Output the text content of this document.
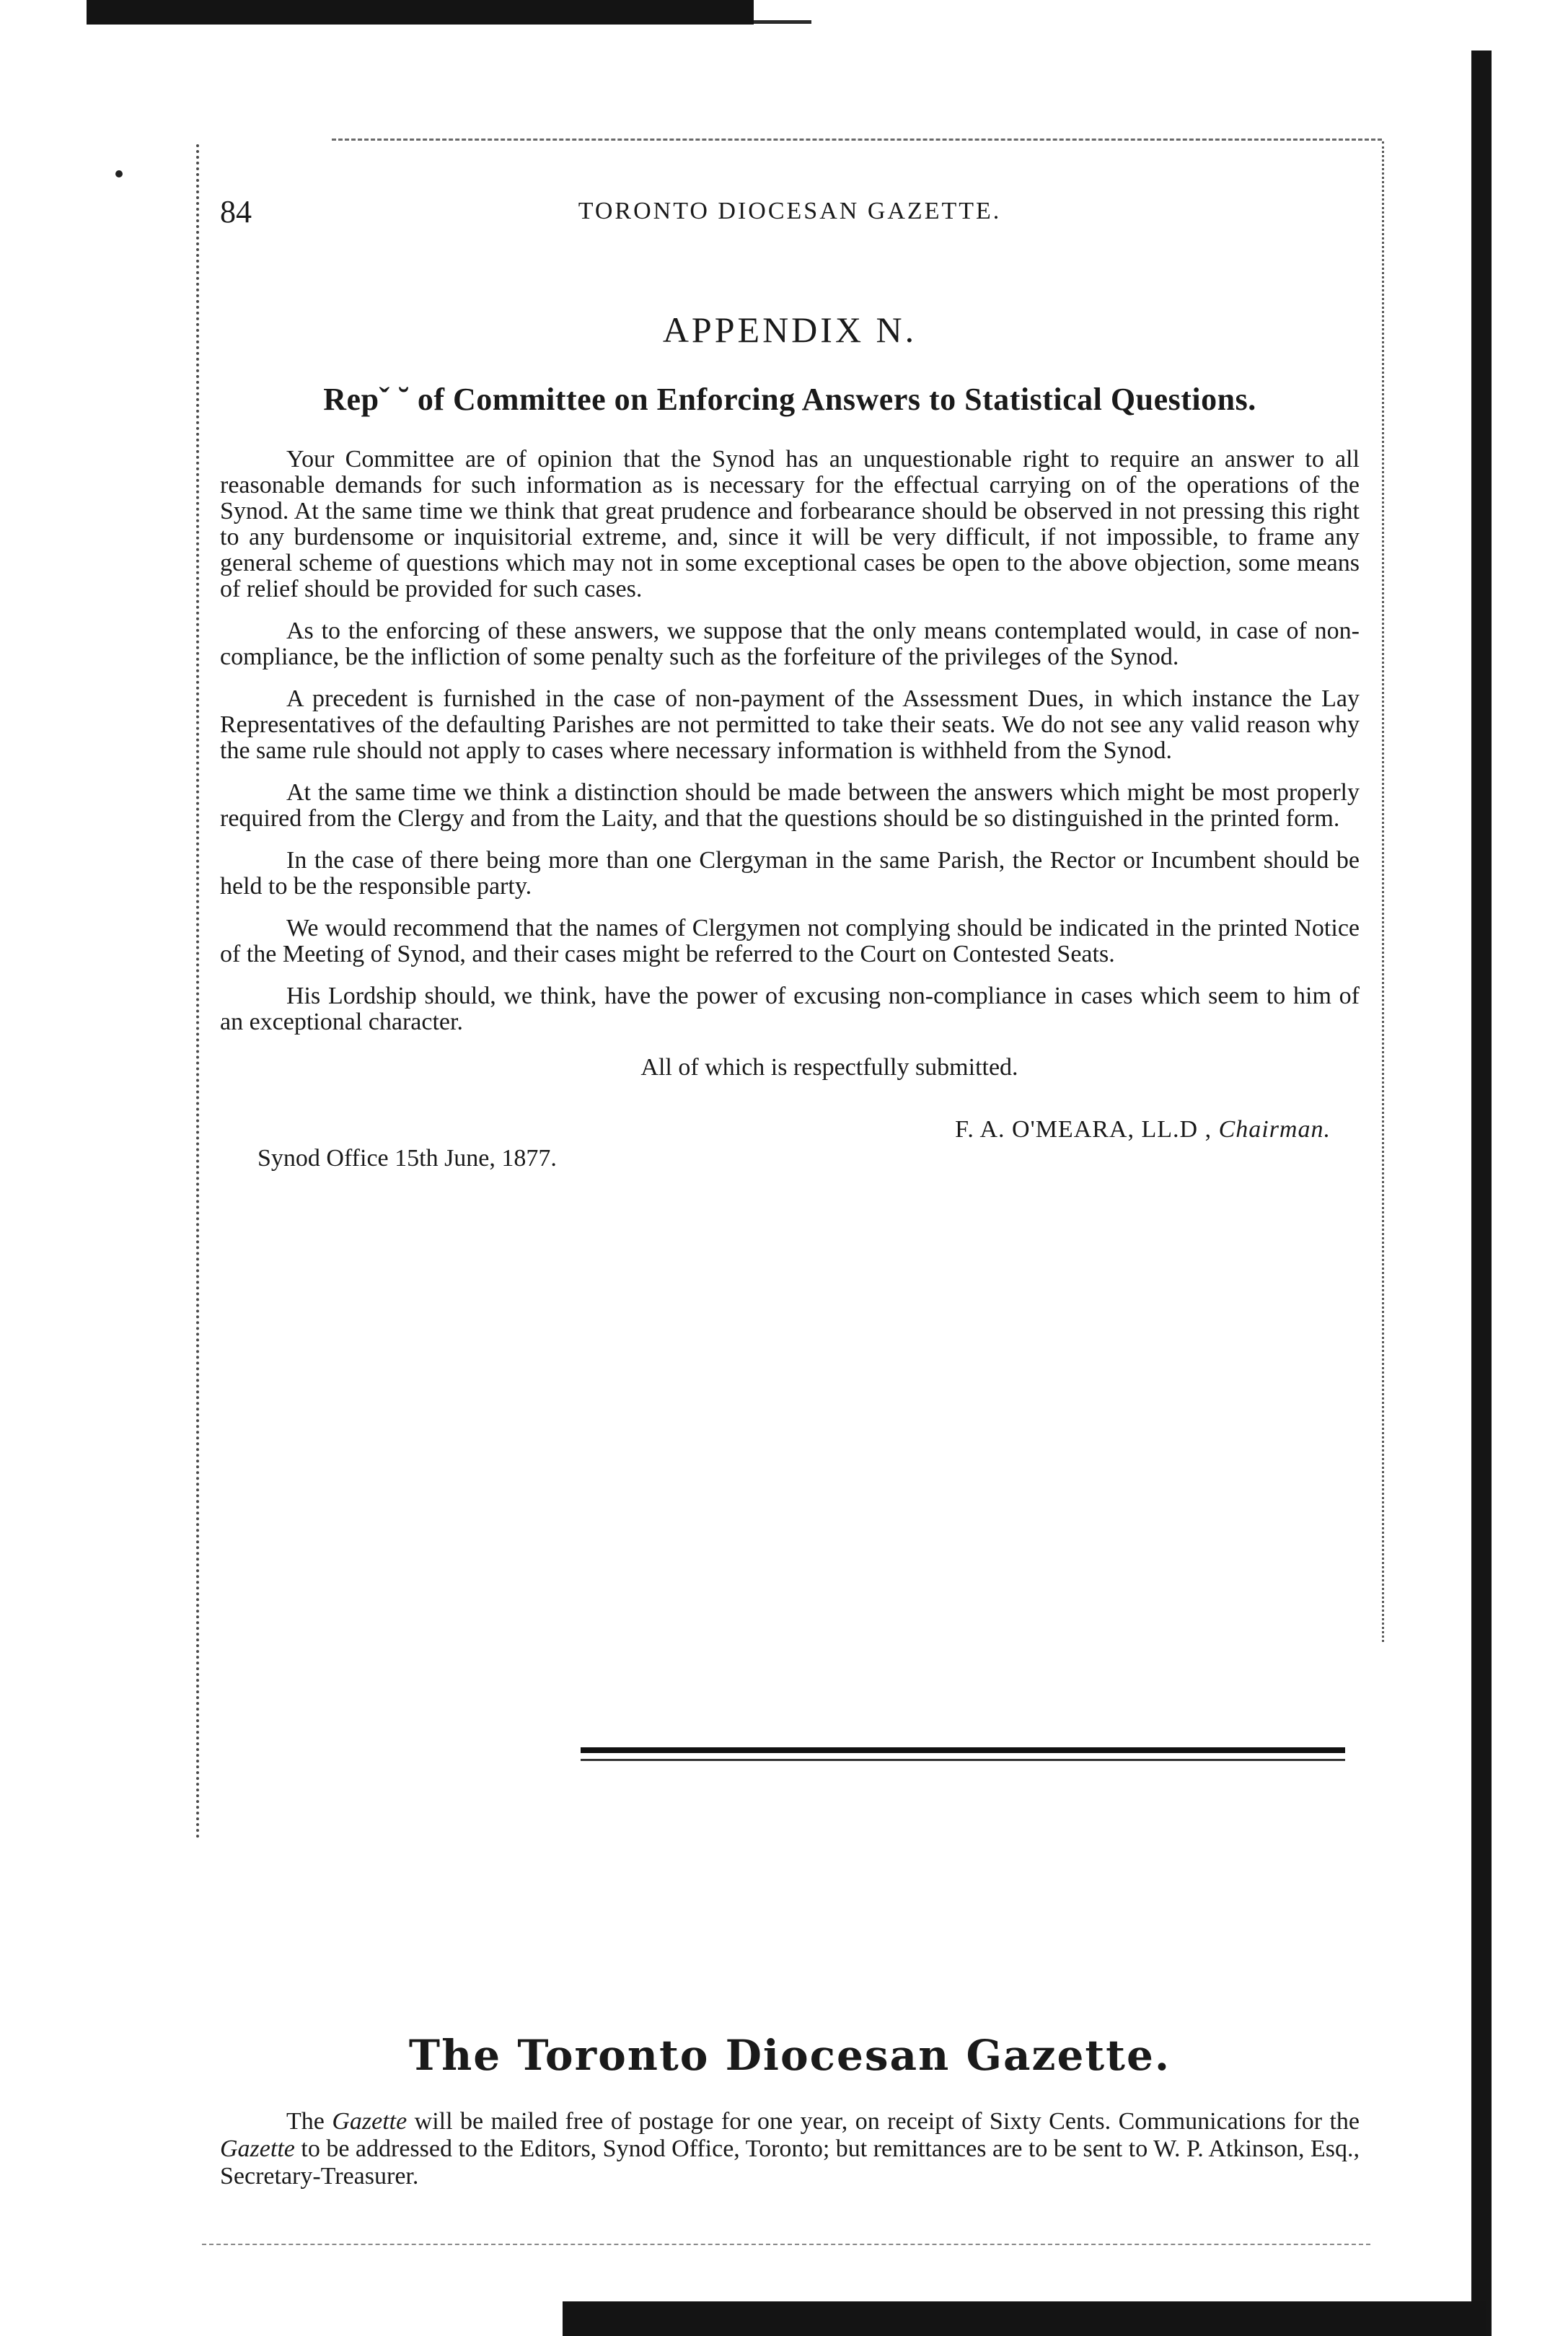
84	TORONTO DIOCESAN GAZETTE.
APPENDIX N.
Repˇ ˘ of Committee on Enforcing Answers to Statistical Questions.

Your Committee are of opinion that the Synod has an unquestionable right to require an answer to all reasonable demands for such information as is necessary for the effectual carrying on of the operations of the Synod. At the same time we think that great prudence and forbearance should be observed in not pressing this right to any burdensome or inquisitorial extreme, and, since it will be very difficult, if not impossible, to frame any general scheme of questions which may not in some exceptional cases be open to the above objection, some means of relief should be provided for such cases.

As to the enforcing of these answers, we suppose that the only means contemplated would, in case of non-compliance, be the infliction of some penalty such as the forfeiture of the privileges of the Synod.

A precedent is furnished in the case of non-payment of the Assessment Dues, in which instance the Lay Representatives of the defaulting Parishes are not permitted to take their seats. We do not see any valid reason why the same rule should not apply to cases where necessary information is withheld from the Synod.

At the same time we think a distinction should be made between the answers which might be most properly required from the Clergy and from the Laity, and that the questions should be so distinguished in the printed form.

In the case of there being more than one Clergyman in the same Parish, the Rector or Incumbent should be held to be the responsible party.

We would recommend that the names of Clergymen not complying should be indicated in the printed Notice of the Meeting of Synod, and their cases might be referred to the Court on Contested Seats.

His Lordship should, we think, have the power of excusing non-compliance in cases which seem to him of an exceptional character.

All of which is respectfully submitted.
F. A. O'MEARA, LL.D , Chairman.
Synod Office 15th June, 1877.
The Toronto Diocesan Gazette.
The Gazette will be mailed free of postage for one year, on receipt of Sixty Cents. Communications for the Gazette to be addressed to the Editors, Synod Office, Toronto; but remittances are to be sent to W. P. Atkinson, Esq., Secretary-Treasurer.
